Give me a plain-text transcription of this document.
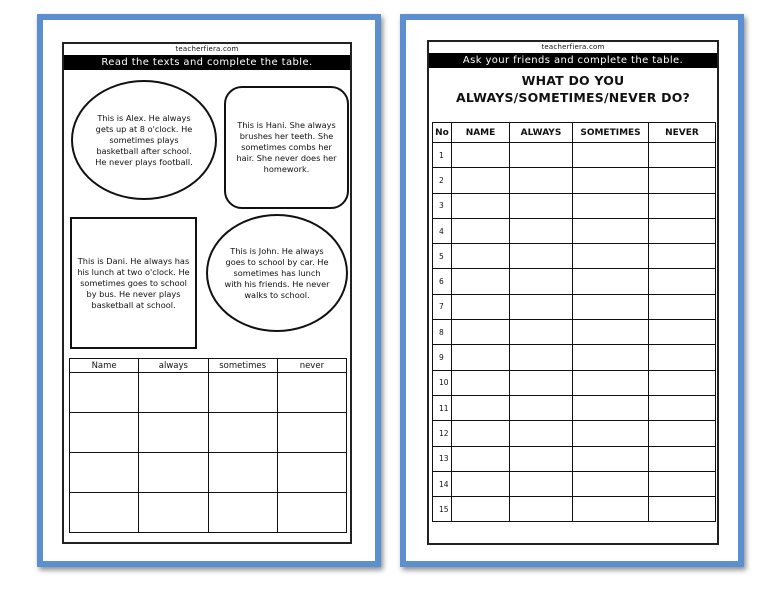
teacherfiera.com
Read the texts and complete the table.
This is Alex. He always gets up at 8 o'clock. He sometimes plays basketball after school. He never plays football.
This is Hani. She always brushes her teeth. She sometimes combs her hair. She never does her homework.
This is Dani. He always has his lunch at two o'clock. He sometimes goes to school by bus. He never plays basketball at school.
This is John. He always goes to school by car. He sometimes has lunch with his friends. He never walks to school.
Name	always	sometimes	never

teacherfiera.com
Ask your friends and complete the table.
WHAT DO YOU
ALWAYS/SOMETIMES/NEVER DO?
No	NAME	ALWAYS	SOMETIMES	NEVER
1				
2				
3				
4				
5				
6				
7				
8				
9				
10				
11				
12				
13				
14				
15				
